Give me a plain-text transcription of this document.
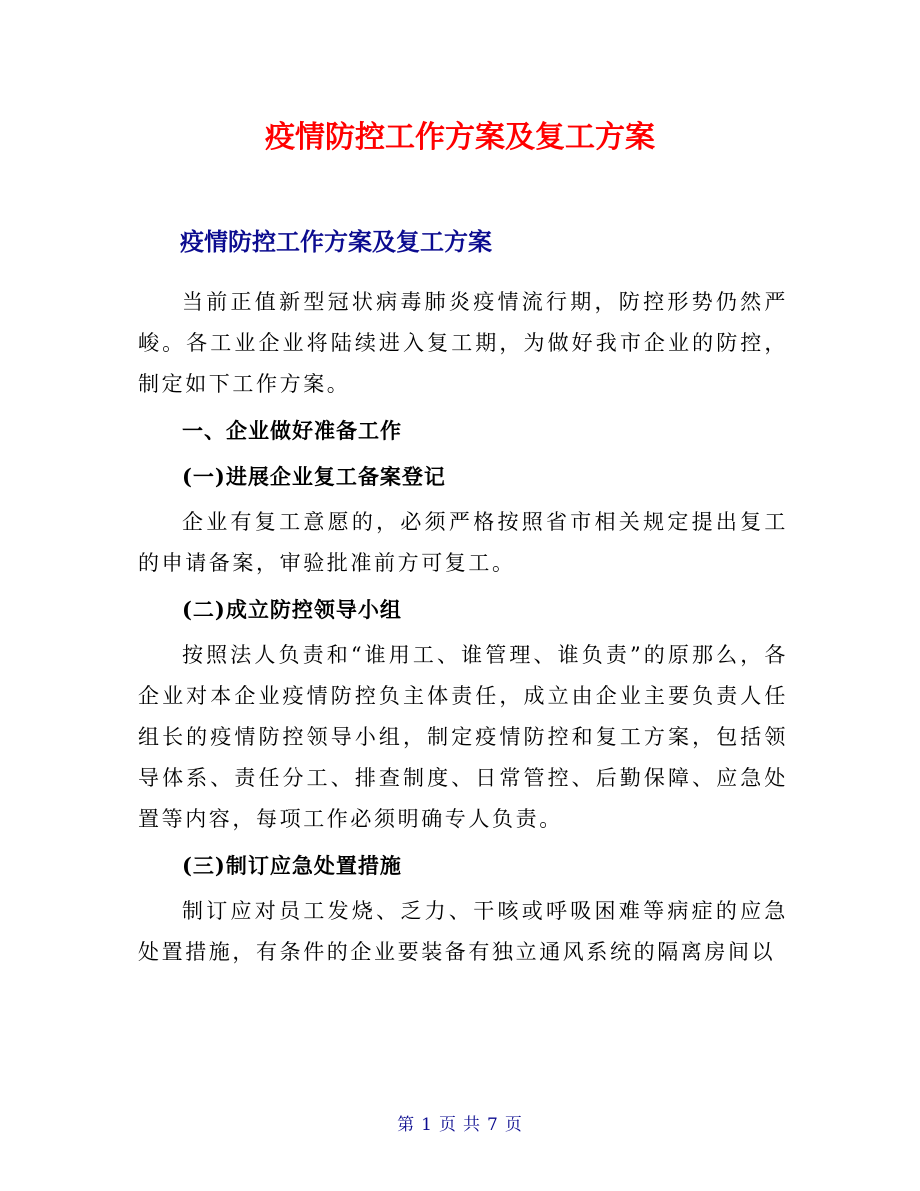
疫情防控工作方案及复工方案
疫情防控工作方案及复工方案

当前正值新型冠状病毒肺炎疫情流行期，防控形势仍然严峻。各工业企业将陆续进入复工期，为做好我市企业的防控，制定如下工作方案。

一、企业做好准备工作

(一)进展企业复工备案登记

企业有复工意愿的，必须严格按照省市相关规定提出复工的申请备案，审验批准前方可复工。

(二)成立防控领导小组

按照法人负责和“谁用工、谁管理、谁负责”的原那么，各企业对本企业疫情防控负主体责任，成立由企业主要负责人任组长的疫情防控领导小组，制定疫情防控和复工方案，包括领导体系、责任分工、排查制度、日常管控、后勤保障、应急处置等内容，每项工作必须明确专人负责。

(三)制订应急处置措施

制订应对员工发烧、乏力、干咳或呼吸困难等病症的应急处置措施，有条件的企业要装备有独立通风系统的隔离房间以

第 1 页 共 7 页
